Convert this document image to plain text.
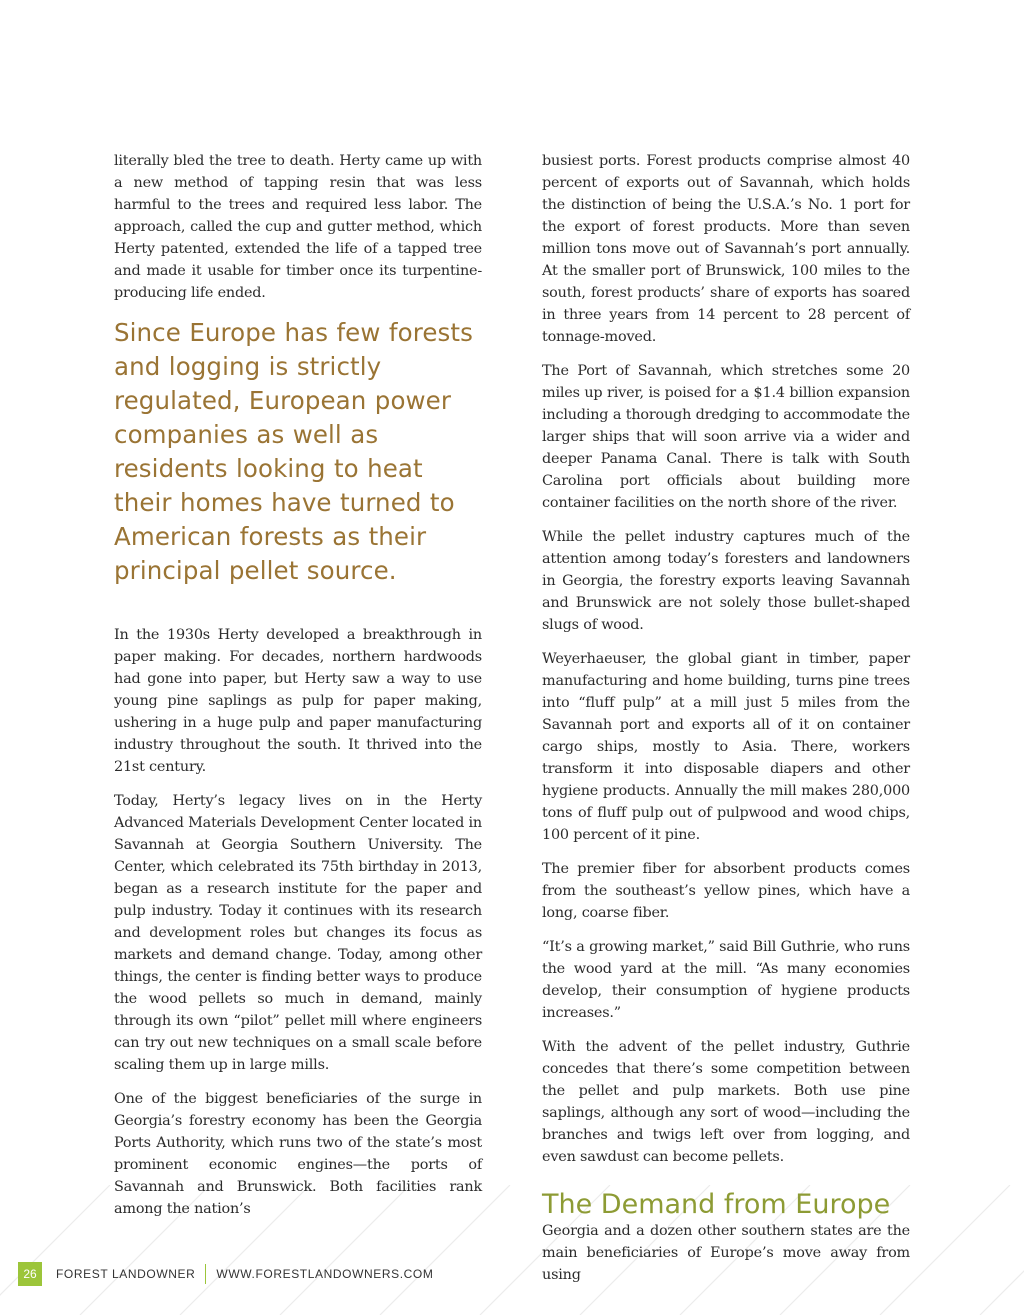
literally bled the tree to death. Herty came up with a new method of tapping resin that was less harmful to the trees and required less labor. The approach, called the cup and gutter method, which Herty patented, extended the life of a tapped tree and made it usable for timber once its turpentine-producing life ended.

Since Europe has few forests and logging is strictly regulated, European power companies as well as residents looking to heat their homes have turned to American forests as their principal pellet source.

In the 1930s Herty developed a breakthrough in paper making. For decades, northern hardwoods had gone into paper, but Herty saw a way to use young pine saplings as pulp for paper making, ushering in a huge pulp and paper manufacturing industry throughout the south. It thrived into the 21st century.

Today, Herty’s legacy lives on in the Herty Advanced Materials Development Center located in Savannah at Georgia Southern University. The Center, which celebrated its 75th birthday in 2013, began as a research institute for the paper and pulp industry. Today it continues with its research and development roles but changes its focus as markets and demand change. Today, among other things, the center is finding better ways to produce the wood pellets so much in demand, mainly through its own “pilot” pellet mill where engineers can try out new techniques on a small scale before scaling them up in large mills.

One of the biggest beneficiaries of the surge in Georgia’s forestry economy has been the Georgia Ports Authority, which runs two of the state’s most prominent economic engines—the ports of Savannah and Brunswick. Both facilities rank among the nation’s

busiest ports. Forest products comprise almost 40 percent of exports out of Savannah, which holds the distinction of being the U.S.A.’s No. 1 port for the export of forest products. More than seven million tons move out of Savannah’s port annually. At the smaller port of Brunswick, 100 miles to the south, forest products’ share of exports has soared in three years from 14 percent to 28 percent of tonnage-moved.

The Port of Savannah, which stretches some 20 miles up river, is poised for a $1.4 billion expansion including a thorough dredging to accommodate the larger ships that will soon arrive via a wider and deeper Panama Canal. There is talk with South Carolina port officials about building more container facilities on the north shore of the river.

While the pellet industry captures much of the attention among today’s foresters and landowners in Georgia, the forestry exports leaving Savannah and Brunswick are not solely those bullet-shaped slugs of wood.

Weyerhaeuser, the global giant in timber, paper manufacturing and home building, turns pine trees into “fluff pulp” at a mill just 5 miles from the Savannah port and exports all of it on container cargo ships, mostly to Asia. There, workers transform it into disposable diapers and other hygiene products. Annually the mill makes 280,000 tons of fluff pulp out of pulpwood and wood chips, 100 percent of it pine.

The premier fiber for absorbent products comes from the southeast’s yellow pines, which have a long, coarse fiber.

“It’s a growing market,” said Bill Guthrie, who runs the wood yard at the mill. “As many economies develop, their consumption of hygiene products increases.”

With the advent of the pellet industry, Guthrie concedes that there’s some competition between the pellet and pulp markets. Both use pine saplings, although any sort of wood—including the branches and twigs left over from logging, and even sawdust can become pellets.

The Demand from Europe

Georgia and a dozen other southern states are the main beneficiaries of Europe’s move away from using

26	FOREST LANDOWNER WWW.FORESTLANDOWNERS.COM
